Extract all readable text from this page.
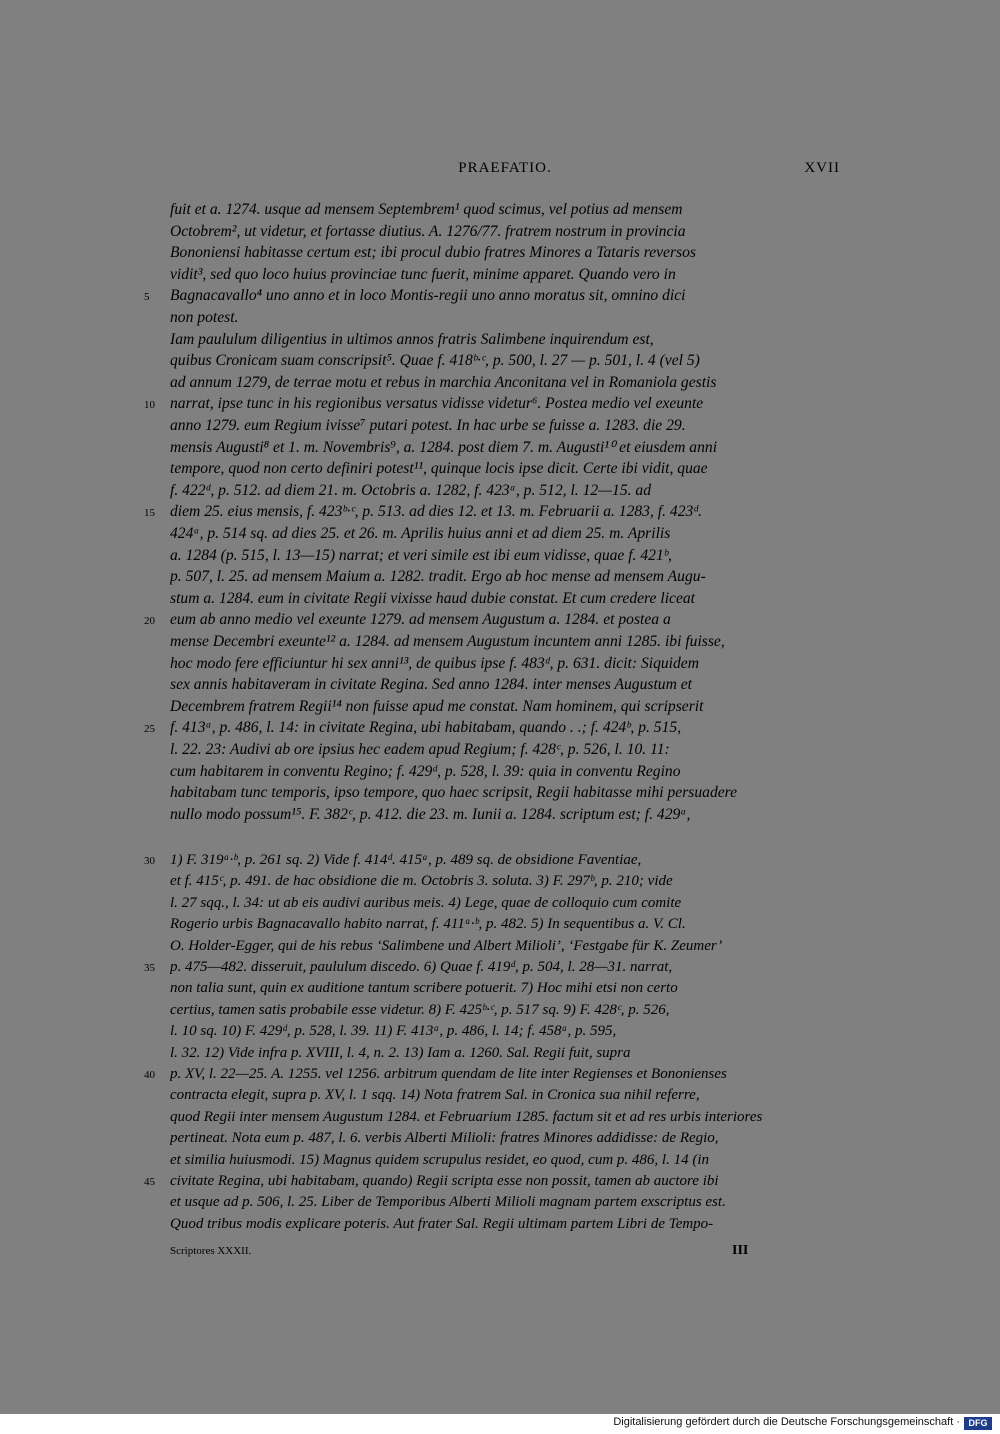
PRAEFATIO.	XVII
fuit et a. 1274. usque ad mensem Septembrem¹ quod scimus, vel potius ad mensem
Octobrem², ut videtur, et fortasse diutius. A. 1276/77. fratrem nostrum in provincia
Bononiensi habitasse certum est; ibi procul dubio fratres Minores a Tataris reversos
vidit³, sed quo loco huius provinciae tunc fuerit, minime apparet. Quando vero in
Bagnacavallo⁴ uno anno et in loco Montis-regii uno anno moratus sit, omnino dici
non potest.
Iam paululum diligentius in ultimos annos fratris Salimbene inquirendum est,
quibus Cronicam suam conscripsit⁵. Quae f. 418ᵇ·ᶜ, p. 500, l. 27 — p. 501, l. 4 (vel 5)
ad annum 1279, de terrae motu et rebus in marchia Anconitana vel in Romaniola gestis
narrat, ipse tunc in his regionibus versatus vidisse videtur⁶. Postea medio vel exeunte
anno 1279. eum Regium ivisse⁷ putari potest. In hac urbe se fuisse a. 1283. die 29.
mensis Augusti⁸ et 1. m. Novembris⁹, a. 1284. post diem 7. m. Augusti¹⁰ et eiusdem anni
tempore, quod non certo definiri potest¹¹, quinque locis ipse dicit. Certe ibi vidit, quae
f. 422ᵈ, p. 512. ad diem 21. m. Octobris a. 1282, f. 423ᵃ, p. 512, l. 12—15. ad
diem 25. eius mensis, f. 423ᵇ·ᶜ, p. 513. ad dies 12. et 13. m. Februarii a. 1283, f. 423ᵈ.
424ᵃ, p. 514 sq. ad dies 25. et 26. m. Aprilis huius anni et ad diem 25. m. Aprilis
a. 1284 (p. 515, l. 13—15) narrat; et veri simile est ibi eum vidisse, quae f. 421ᵇ,
p. 507, l. 25. ad mensem Maium a. 1282. tradit. Ergo ab hoc mense ad mensem Augu-
stum a. 1284. eum in civitate Regii vixisse haud dubie constat. Et cum credere liceat
eum ab anno medio vel exeunte 1279. ad mensem Augustum a. 1284. et postea a
mense Decembri exeunte¹² a. 1284. ad mensem Augustum incuntem anni 1285. ibi fuisse,
hoc modo fere efficiuntur hi sex anni¹³, de quibus ipse f. 483ᵈ, p. 631. dicit: Siquidem
sex annis habitaveram in civitate Regina. Sed anno 1284. inter menses Augustum et
Decembrem fratrem Regii¹⁴ non fuisse apud me constat. Nam hominem, qui scripserit
f. 413ᵃ, p. 486, l. 14: in civitate Regina, ubi habitabam, quando . .; f. 424ᵇ, p. 515,
l. 22. 23: Audivi ab ore ipsius hec eadem apud Regium; f. 428ᶜ, p. 526, l. 10. 11:
cum habitarem in conventu Regino; f. 429ᵈ, p. 528, l. 39: quia in conventu Regino
habitabam tunc temporis, ipso tempore, quo haec scripsit, Regii habitasse mihi persuadere
nullo modo possum¹⁵. F. 382ᶜ, p. 412. die 23. m. Iunii a. 1284. scriptum est; f. 429ᵃ,
5
10
15
20
25
1) F. 319ᵃ·ᵇ, p. 261 sq. 2) Vide f. 414ᵈ. 415ᵃ, p. 489 sq. de obsidione Faventiae,
et f. 415ᶜ, p. 491. de hac obsidione die m. Octobris 3. soluta. 3) F. 297ᵇ, p. 210; vide
l. 27 sqq., l. 34: ut ab eis audivi auribus meis. 4) Lege, quae de colloquio cum comite
Rogerio urbis Bagnacavallo habito narrat, f. 411ᵃ·ᵇ, p. 482. 5) In sequentibus a. V. Cl.
O. Holder-Egger, qui de his rebus ‘Salimbene und Albert Milioli’, ‘Festgabe für K. Zeumer’
p. 475—482. disseruit, paululum discedo. 6) Quae f. 419ᵈ, p. 504, l. 28—31. narrat,
non talia sunt, quin ex auditione tantum scribere potuerit. 7) Hoc mihi etsi non certo
certius, tamen satis probabile esse videtur. 8) F. 425ᵇ·ᶜ, p. 517 sq. 9) F. 428ᶜ, p. 526,
l. 10 sq. 10) F. 429ᵈ, p. 528, l. 39. 11) F. 413ᵃ, p. 486, l. 14; f. 458ᵃ, p. 595,
l. 32. 12) Vide infra p. XVIII, l. 4, n. 2. 13) Iam a. 1260. Sal. Regii fuit, supra
p. XV, l. 22—25. A. 1255. vel 1256. arbitrum quendam de lite inter Regienses et Bononienses
contracta elegit, supra p. XV, l. 1 sqq. 14) Nota fratrem Sal. in Cronica sua nihil referre,
quod Regii inter mensem Augustum 1284. et Februarium 1285. factum sit et ad res urbis interiores
pertineat. Nota eum p. 487, l. 6. verbis Alberti Milioli: fratres Minores addidisse: de Regio,
et similia huiusmodi. 15) Magnus quidem scrupulus residet, eo quod, cum p. 486, l. 14 (in
civitate Regina, ubi habitabam, quando) Regii scripta esse non possit, tamen ab auctore ibi
et usque ad p. 506, l. 25. Liber de Temporibus Alberti Milioli magnam partem exscriptus est.
Quod tribus modis explicare poteris. Aut frater Sal. Regii ultimam partem Libri de Tempo-
30
35
40
45
Scriptores XXXII.	III
Digitalisierung gefördert durch die Deutsche Forschungsgemeinschaft · DFG
